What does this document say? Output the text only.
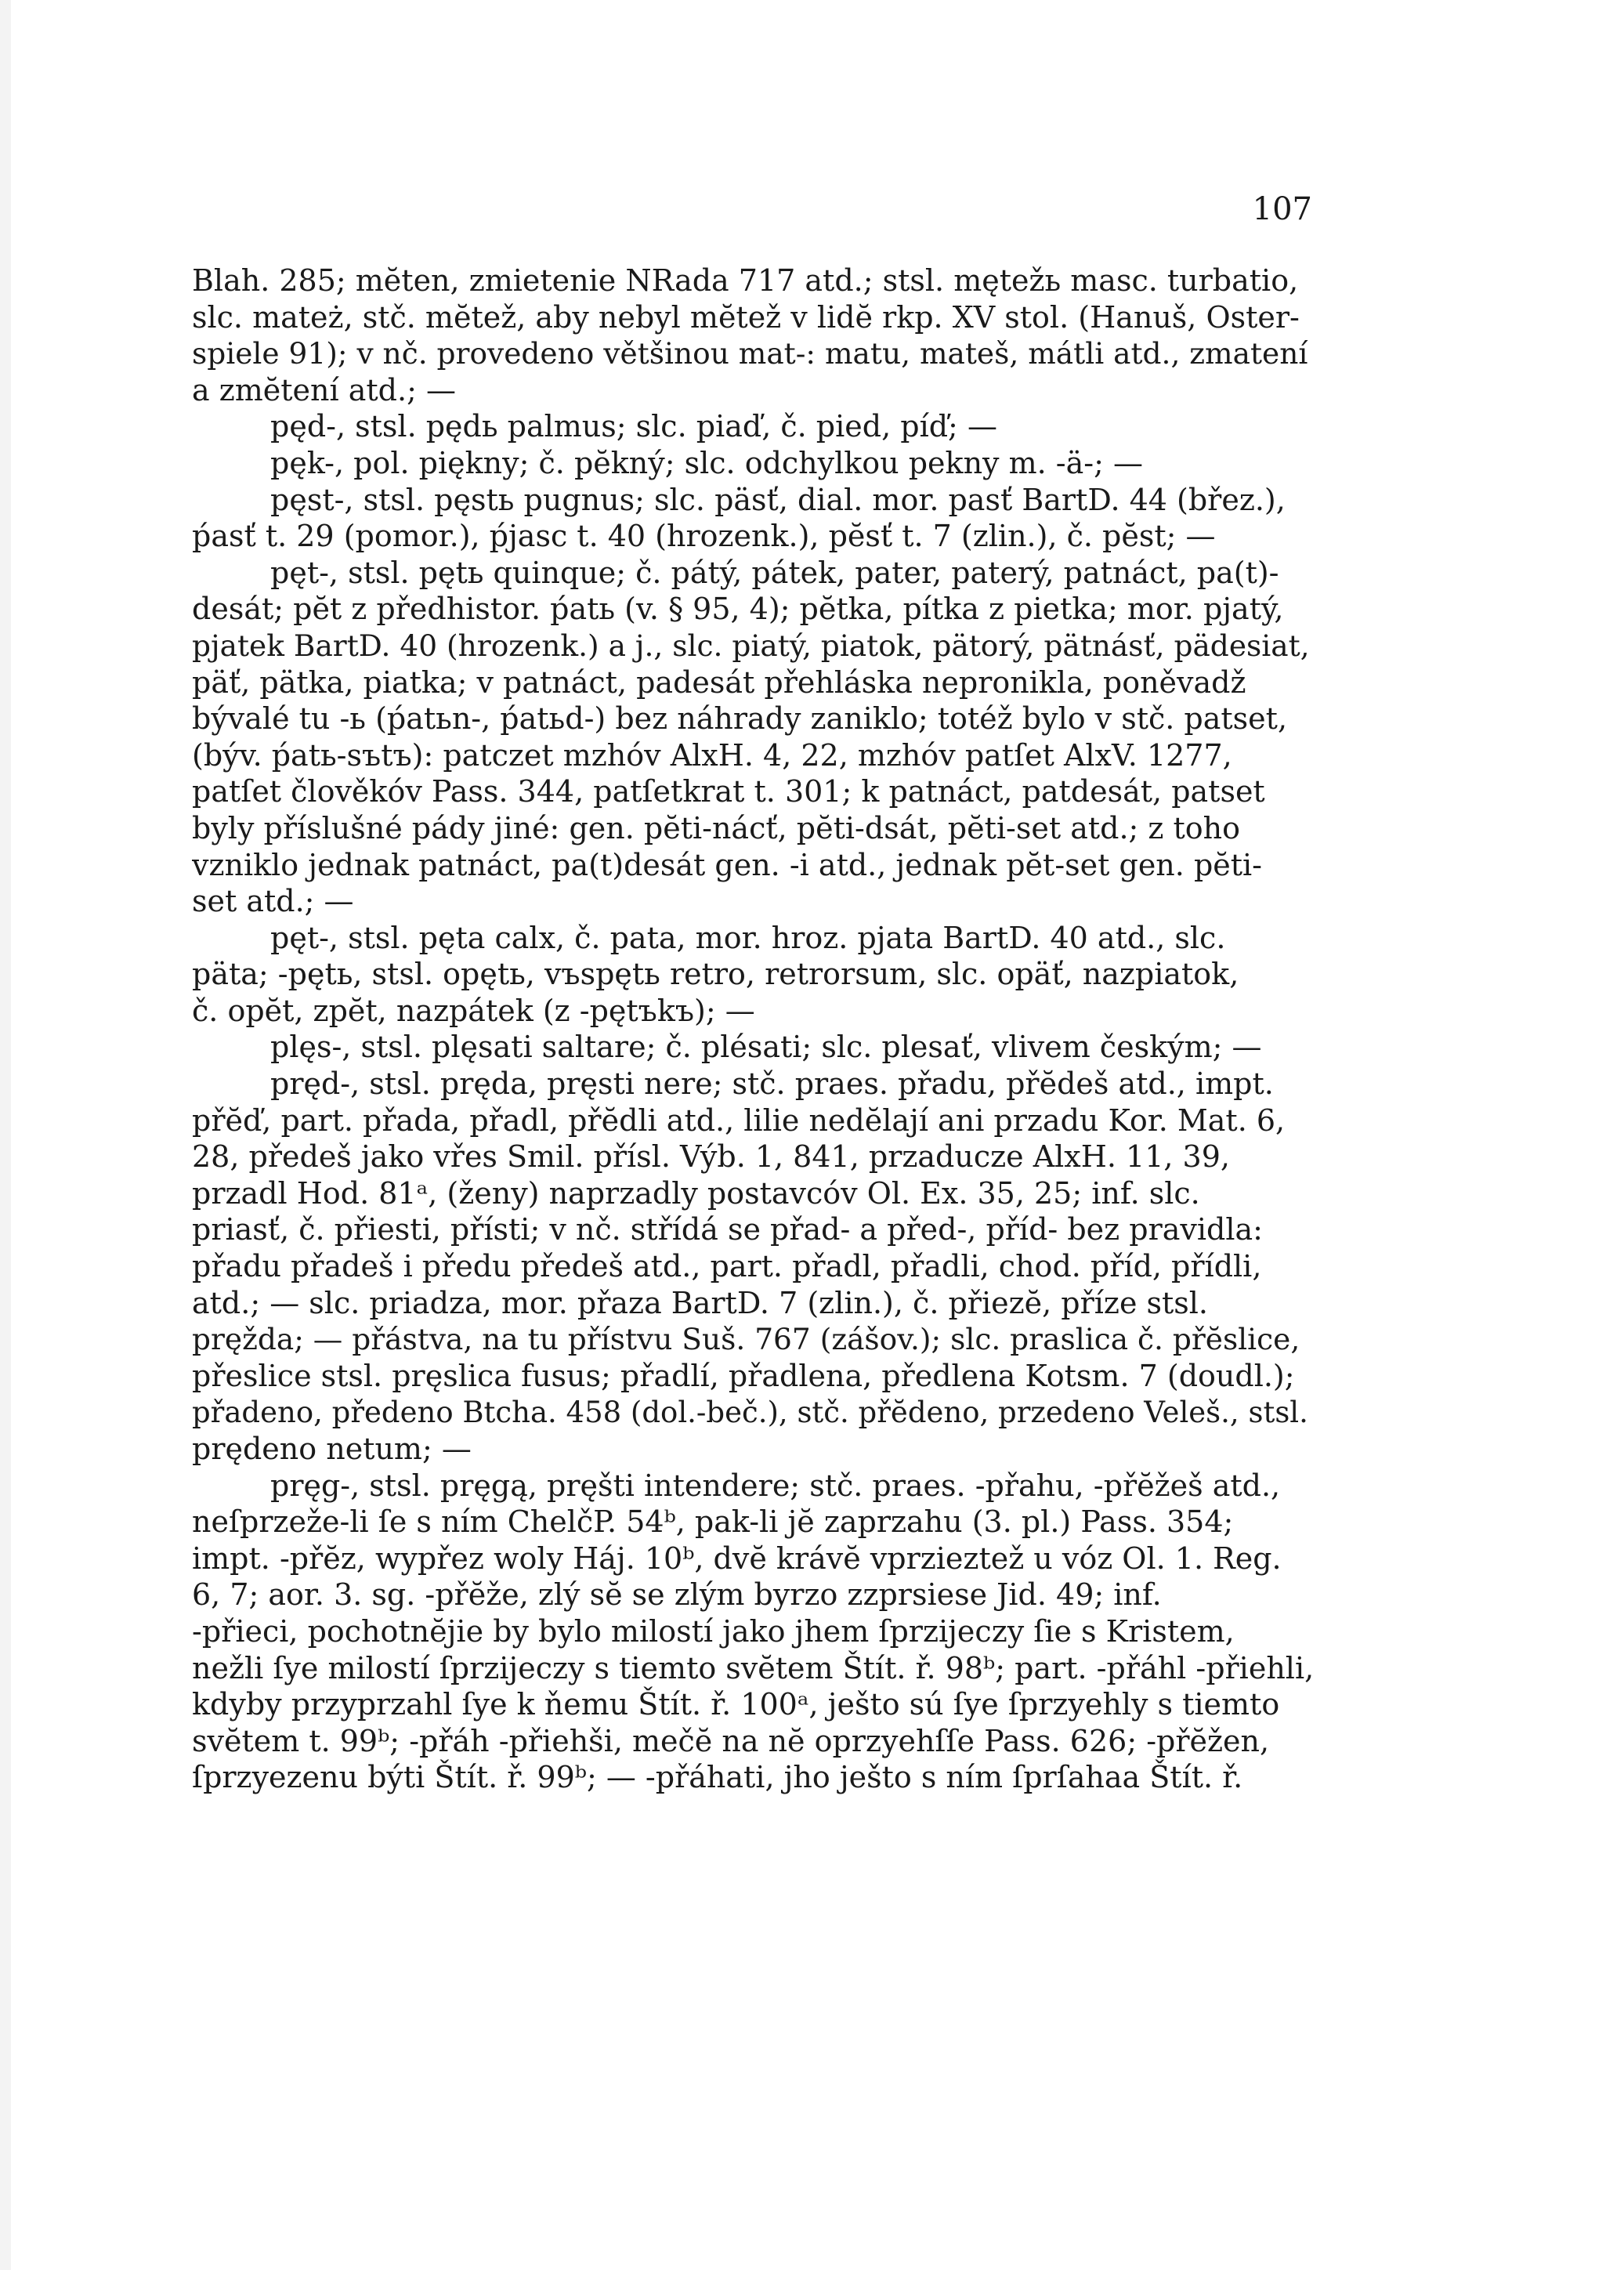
107
Blah. 285; mĕten, zmietenie NRada 717 atd.; stsl. mętežь masc. turbatio,
slc. mateż, stč. mĕtež, aby nebyl mĕtež v lidĕ rkp. XV stol. (Hanuš, Oster-
spiele 91); v nč. provedeno většinou mat-: matu, mateš, mátli atd., zmatení
a zmĕtení atd.; —
pęd-, stsl. pędь palmus; slc. piaď, č. pied, píď; —
pęk-, pol. piękny; č. pĕkný; slc. odchylkou pekny m. -ä-; —
pęst-, stsl. pęstь pugnus; slc. päsť, dial. mor. pasť BartD. 44 (břez.),
ṕasť t. 29 (pomor.), ṕjasc t. 40 (hrozenk.), pĕsť t. 7 (zlin.), č. pĕst; —
pęt-, stsl. pętь quinque; č. pátý, pátek, pater, paterý, patnáct, pa(t)-
desát; pĕt z předhistor. ṕatь (v. § 95, 4); pĕtka, pítka z pietka; mor. pjatý,
pjatek BartD. 40 (hrozenk.) a j., slc. piatý, piatok, pätorý, pätnásť, pädesiat,
päť, pätka, piatka; v patnáct, padesát přehláska nepronikla, poněvadž
bývalé tu -ь (ṕatьn-, ṕatьd-) bez náhrady zaniklo; totéž bylo v stč. patset,
(býv. ṕatь-sъtъ): patczet mzhóv AlxH. 4, 22, mzhóv patſet AlxV. 1277,
patſet člověkóv Pass. 344, patſetkrat t. 301; k patnáct, patdesát, patset
byly příslušné pády jiné: gen. pĕti-nácť, pĕti-dsát, pĕti-set atd.; z toho
vzniklo jednak patnáct, pa(t)desát gen. -i atd., jednak pĕt-set gen. pĕti-
set atd.; —
pęt-, stsl. pęta calx, č. pata, mor. hroz. pjata BartD. 40 atd., slc.
päta; -pętь, stsl. opętь, vъspętь retro, retrorsum, slc. opäť, nazpiatok,
č. opĕt, zpĕt, nazpátek (z -pętъkъ); —
plęs-, stsl. plęsati saltare; č. plésati; slc. plesať, vlivem českým; —
pręd-, stsl. pręda, pręsti nere; stč. praes. přadu, přĕdeš atd., impt.
přĕď, part. přada, přadl, přĕdli atd., lilie nedĕlají ani przadu Kor. Mat. 6,
28, předeš jako vřes Smil. přísl. Výb. 1, 841, przaducze AlxH. 11, 39,
przadl Hod. 81ᵃ, (ženy) naprzadly postavcóv Ol. Ex. 35, 25; inf. slc.
priasť, č. přiesti, přísti; v nč. střídá se přad- a před-, příd- bez pravidla:
přadu přadeš i předu předeš atd., part. přadl, přadli, chod. příd, přídli,
atd.; — slc. priadza, mor. přaza BartD. 7 (zlin.), č. přiezĕ, příze stsl.
pręžda; — přástva, na tu přístvu Suš. 767 (zášov.); slc. praslica č. přĕslice,
přeslice stsl. pręslica fusus; přadlí, přadlena, předlena Kotsm. 7 (doudl.);
přadeno, předeno Btcha. 458 (dol.-beč.), stč. přĕdeno, przedeno Veleš., stsl.
prędeno netum; —
pręg-, stsl. pręgą, pręšti intendere; stč. praes. -přahu, -přĕžeš atd.,
neſprzeže-li ſe s ním ChelčP. 54ᵇ, pak-li jĕ zaprzahu (3. pl.) Pass. 354;
impt. -přĕz, wypřez woly Háj. 10ᵇ, dvĕ krávĕ vprzieztež u vóz Ol. 1. Reg.
6, 7; aor. 3. sg. -přĕže, zlý sĕ se zlým byrzo zzprsiese Jid. 49; inf.
-přieci, pochotnĕjie by bylo milostí jako jhem ſprzijeczy ſie s Kristem,
nežli ſye milostí ſprzijeczy s tiemto svĕtem Štít. ř. 98ᵇ; part. -přáhl -přiehli,
kdyby przyprzahl ſye k ňemu Štít. ř. 100ᵃ, ješto sú ſye ſprzyehly s tiemto
svĕtem t. 99ᵇ; -přáh -přiehši, mečĕ na nĕ oprzyehſſe Pass. 626; -přĕžen,
ſprzyezenu býti Štít. ř. 99ᵇ; — -přáhati, jho ješto s ním ſprſahaa Štít. ř.
